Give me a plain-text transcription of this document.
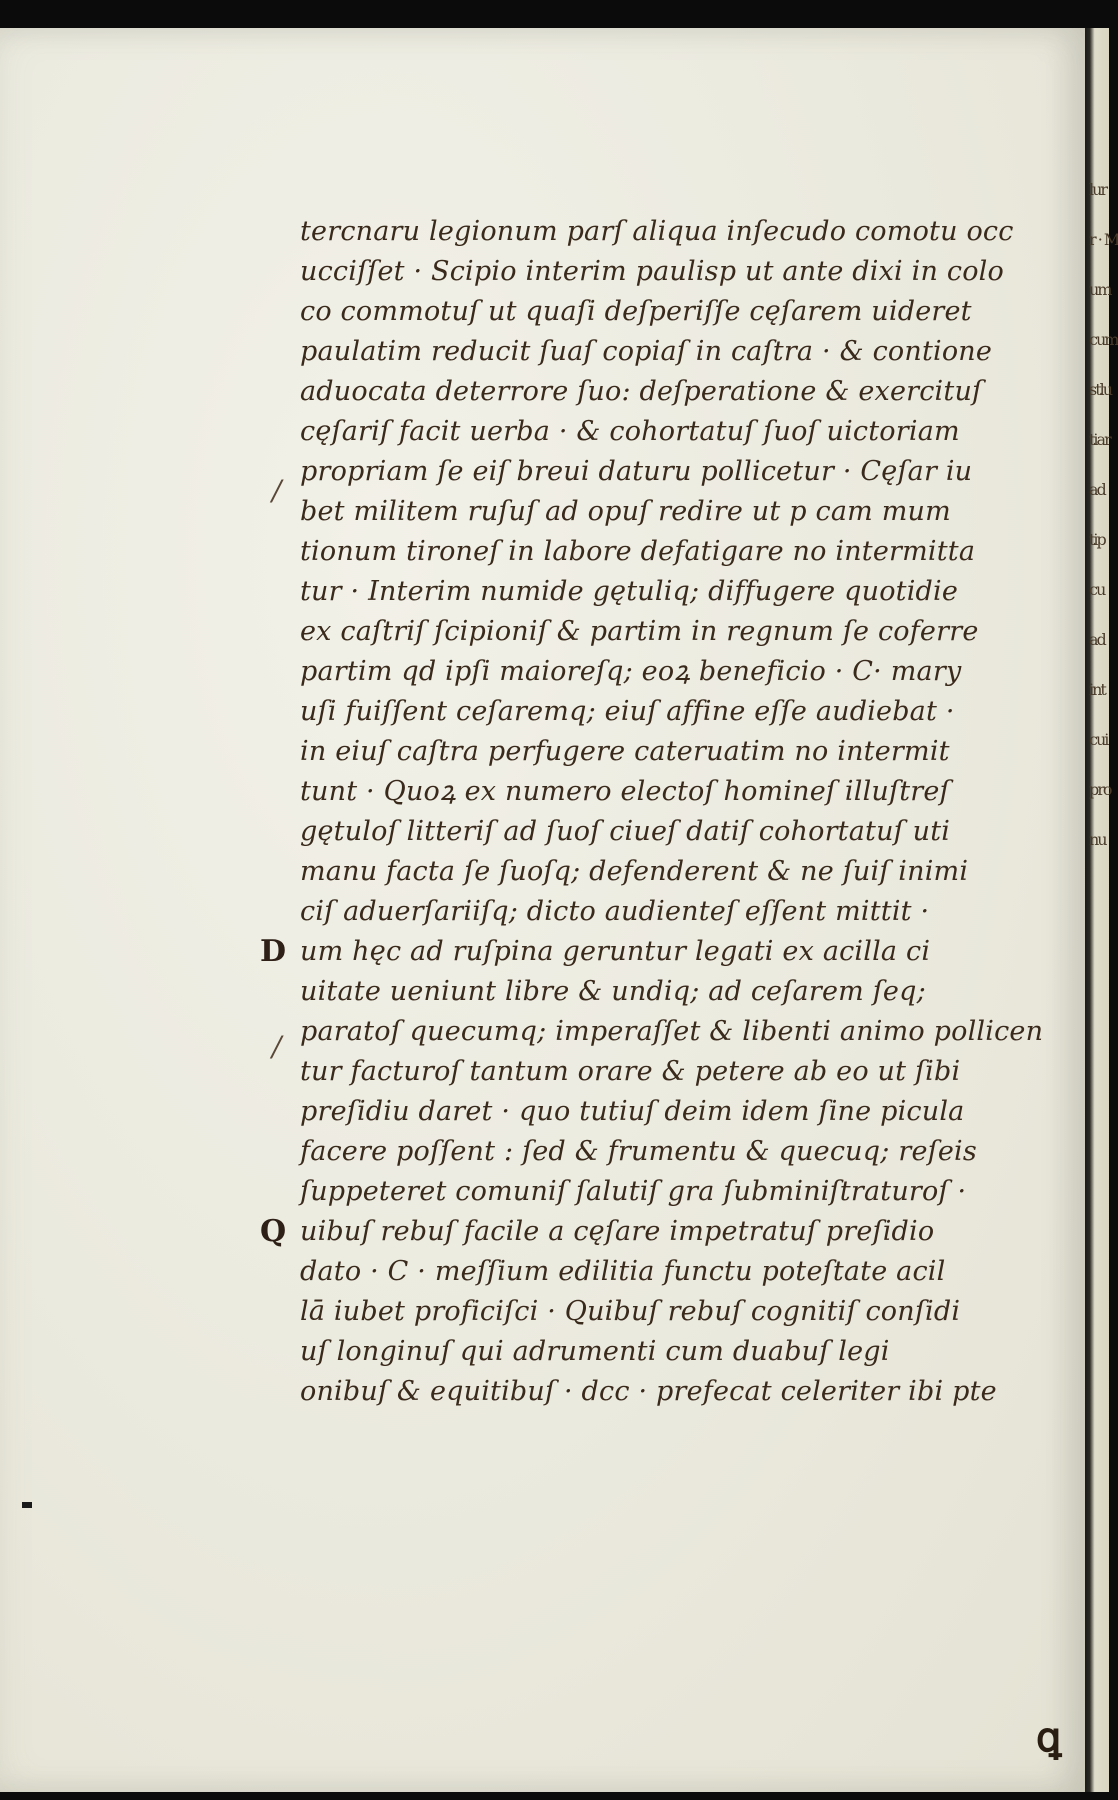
lur
r · M
um
cum
stlu
tiar
ad
tip
cu
ad
int
cui
pro
nu
tercnaru legionum parſ aliqua inſecudo comotu occ
ucciſſet · Scipio interim paulisp ut ante dixi in colo
co commotuſ ut quaſi deſperiſſe cęſarem uideret
paulatim reducit ſuaſ copiaſ in caſtra · & contione
aduocata deterrore ſuo: deſperatione & exercituſ
cęſariſ facit uerba · & cohortatuſ ſuoſ uictoriam
propriam ſe eiſ breui daturu pollicetur · Cęſar iu
bet militem ruſuſ ad opuſ redire ut p cam mum
tionum tironeſ in labore defatigare no intermitta
tur · Interim numide gętuliq; diffugere quotidie
ex caſtriſ ſcipioniſ & partim in regnum ſe coferre
partim qd ipſi maioreſq; eoꝝ beneficio · C· mary
uſi fuiſſent ceſaremq; eiuſ affine eſſe audiebat ·
in eiuſ caſtra perfugere cateruatim no intermit
tunt · Quoꝝ ex numero electoſ homineſ illuſtreſ
gętuloſ litteriſ ad ſuoſ ciueſ datiſ cohortatuſ uti
manu facta ſe ſuoſq; defenderent & ne ſuiſ inimi
ciſ aduerſariiſq; dicto audienteſ eſſent mittit ·
D um hęc ad ruſpina geruntur legati ex acilla ci
uitate ueniunt libre & undiq; ad ceſarem ſeq;
paratoſ quecumq; imperaſſet & libenti animo pollicen
tur facturoſ tantum orare & petere ab eo ut ſibi
preſidiu daret · quo tutiuſ deim idem ſine picula
facere poſſent : ſed & frumentu & quecuq; reſeis
ſuppeteret comuniſ ſalutiſ gra ſubminiſtraturoſ ·
Q uibuſ rebuſ facile a cęſare impetratuſ preſidio
dato · C · meſſium edilitia functu poteſtate acil
lā iubet proficiſci · Quibuſ rebuſ cognitiſ conſidi
uſ longinuſ qui adrumenti cum duabuſ legi
onibuſ & equitibuſ · dcc · prefecat celeriter ibi pte
/
/
ꝗ
